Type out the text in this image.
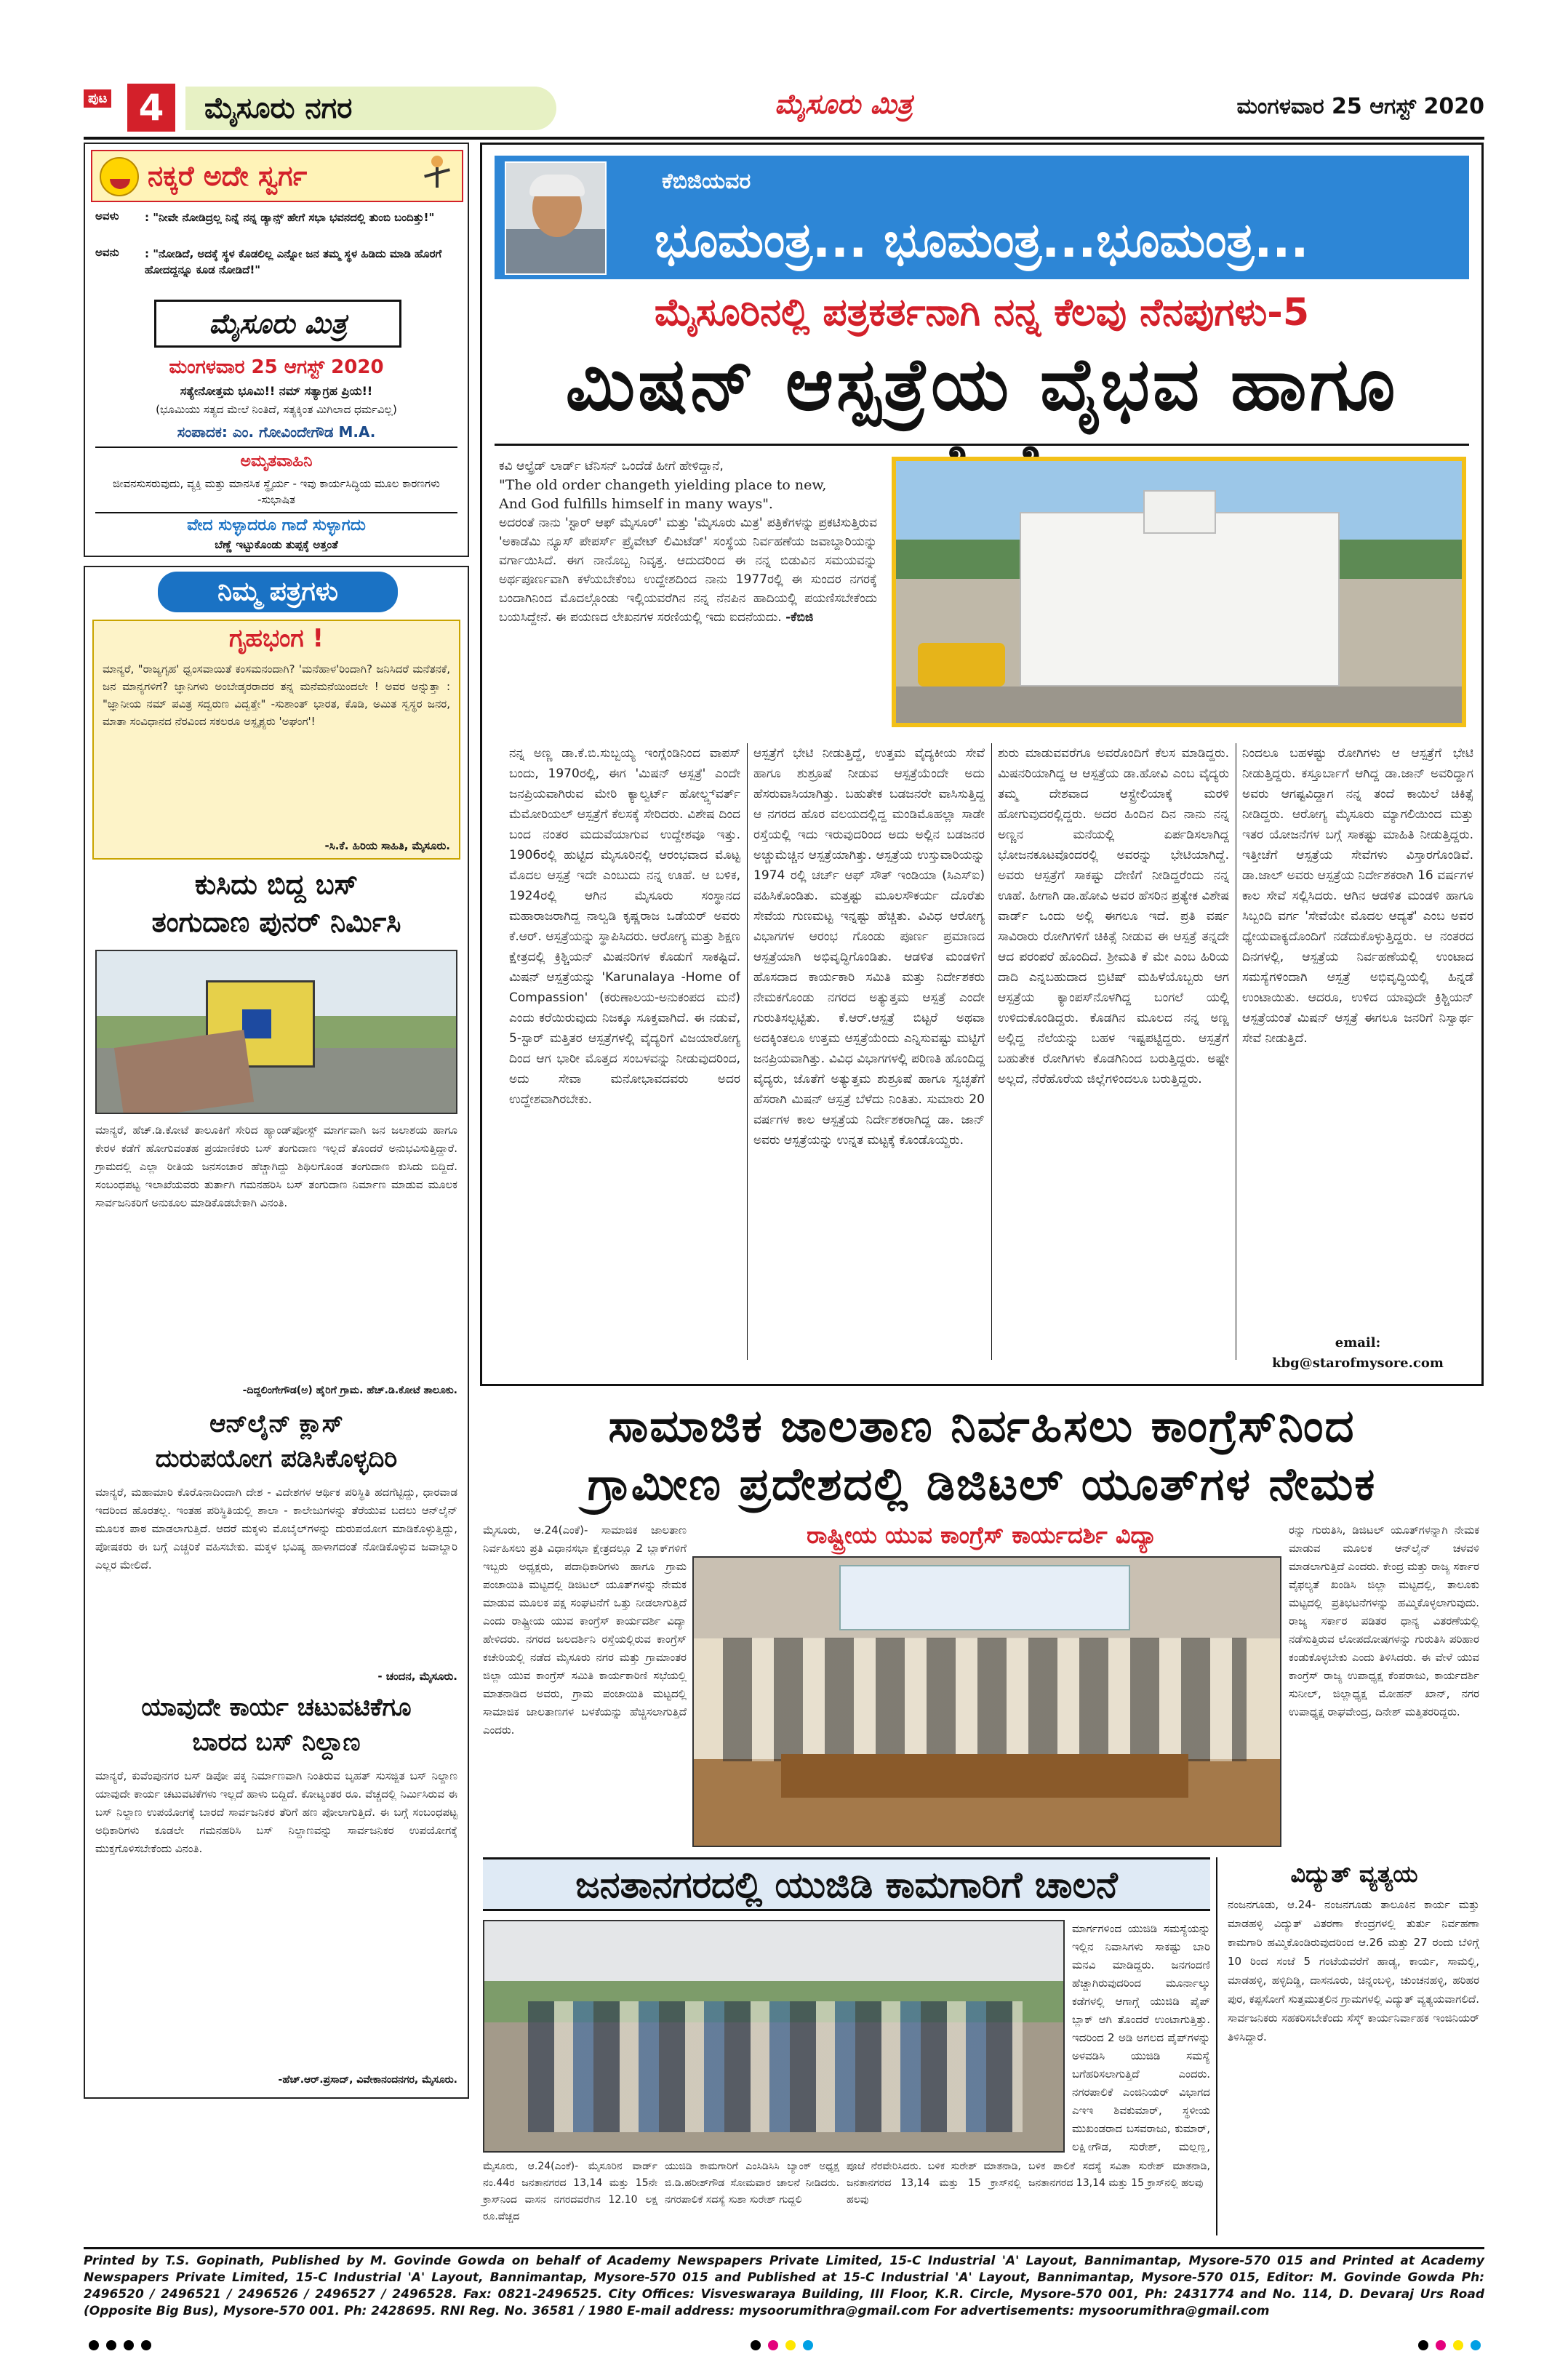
ಪುಟ 4	ಮೈಸೂರು ನಗರ	ಮೈಸೂರು ಮಿತ್ರ	ಮಂಗಳವಾರ 25 ಆಗಸ್ಟ್ 2020
ನಕ್ಕರೆ ಅದೇ ಸ್ವರ್ಗ
ಅವಳು : "ನೀವೇ ನೋಡಿದ್ರಲ್ಲ ನಿನ್ನೆ ನನ್ನ ಡ್ಯಾನ್ಸ್ ಹೇಗೆ ಸಭಾ ಭವನದಲ್ಲಿ ತುಂಬಿ ಬಂದಿತ್ತು!"
ಅವನು : "ನೋಡಿದೆ, ಅದಕ್ಕೆ ಸ್ಥಳ ಕೊಡಲಿಲ್ಲ ಎನ್ನೋ ಜನ ತಮ್ಮ ಸ್ಥಳ ಹಿಡಿದು ಮಾಡಿ ಹೊರಗೆ ಹೋದದ್ದನ್ನೂ ಕೂಡ ನೋಡಿದೆ!"
ಮೈಸೂರು ಮಿತ್ರ
ಮಂಗಳವಾರ 25 ಆಗಸ್ಟ್ 2020
ಸತ್ಯೇನೋತ್ತಮ ಭೂಮಿ!! ನಮ್ ಸತ್ಯಾಗ್ರಹ ಪ್ರಿಯ!!
(ಭೂಮಿಯು ಸತ್ಯದ ಮೇಲೆ ನಿಂತಿದೆ, ಸತ್ಯಕ್ಕಿಂತ ಮಿಗಿಲಾದ ಧರ್ಮವಿಲ್ಲ)
ಸಂಪಾದಕ: ಎಂ. ಗೋವಿಂದೇಗೌಡ M.A.
ಅಮೃತವಾಹಿನಿ
ಜೀವನಸುಸರುವುದು, ವ್ಯಕ್ತಿ ಮತ್ತು ಮಾನಸಿಕ ಸ್ಥೈರ್ಯ - ಇವು ಕಾರ್ಯಸಿದ್ಧಿಯ ಮೂಲ ಕಾರಣಗಳು -ಸುಭಾಷಿತ
ವೇದ ಸುಳ್ಳಾದರೂ ಗಾದೆ ಸುಳ್ಳಾಗದು
ಬೆಣ್ಣೆ ಇಟ್ಟುಕೊಂಡು ತುಪ್ಪಕ್ಕೆ ಅತ್ತಂತೆ
ನಿಮ್ಮ ಪತ್ರಗಳು
ಗೃಹಭಂಗ !
ಮಾನ್ಯರೆ, "ರಾಜ್ಯಗೃಹ' ಧ್ವಂಸವಾಯಿತೆ ಕಂಸಮನಂದಾಗಿ? 'ಮನೆಹಾಳ'ರಿಂದಾಗಿ? ಜನಿಸಿದರೆ ಮನೆತನಕೆ, ಜನ ಮಾನ್ಯಗಳಿಗೆ? ಜ್ಞಾನಿಗಳು ಅಂಬೇಡ್ಕರರಾದರ ತನ್ನ ಮನೆಮನೆಯಿಂದಲೇ ! ಅವರ ಅನ್ನುತ್ತಾ : "ಜ್ಞಾನೀಯ ನಮ್ ಪವಿತ್ರ ಸದ್ವರುಣ ವಿದ್ವತ್ತೇ" -ಸುಶಾಂತ್ ಭಾರತ, ಕೊಡಿ, ಅಮಿತ ಸ್ವಸ್ಥರ ಜನರ, ಮಾತಾ ಸಂವಿಧಾನದ ನೆರವಿಂದ ಸಕಲರೂ ಅಸ್ಪೃಶ್ಯರು 'ಅಘಂಗ'!
-ಸಿ.ಕೆ. ಹಿರಿಯ ಸಾಹಿತಿ, ಮೈಸೂರು.
ಕುಸಿದು ಬಿದ್ದ ಬಸ್
ತಂಗುದಾಣ ಪುನರ್ ನಿರ್ಮಿಸಿ
ಮಾನ್ಯರೆ, ಹೆಚ್.ಡಿ.ಕೋಟೆ ತಾಲೂಕಿಗೆ ಸೇರಿದ ಹ್ಯಾಂಡ್‌ಪೋಸ್ಟ್ ಮಾರ್ಗವಾಗಿ ಜನ ಜಲಾಶಯ ಹಾಗೂ ಕೇರಳ ಕಡೆಗೆ ಹೋಗುವಂತಹ ಪ್ರಯಾಣಿಕರು ಬಸ್ ತಂಗುದಾಣ ಇಲ್ಲದೆ ತೊಂದರೆ ಅನುಭವಿಸುತ್ತಿದ್ದಾರೆ. ಗ್ರಾಮದಲ್ಲಿ ಎಲ್ಲಾ ರೀತಿಯ ಜನಸಂಚಾರ ಹೆಚ್ಚಾಗಿದ್ದು ಶಿಥಿಲಗೊಂಡ ತಂಗುದಾಣ ಕುಸಿದು ಬಿದ್ದಿದೆ. ಸಂಬಂಧಪಟ್ಟ ಇಲಾಖೆಯವರು ತುರ್ತಾಗಿ ಗಮನಹರಿಸಿ ಬಸ್ ತಂಗುದಾಣ ನಿರ್ಮಾಣ ಮಾಡುವ ಮೂಲಕ ಸಾರ್ವಜನಿಕರಿಗೆ ಅನುಕೂಲ ಮಾಡಿಕೊಡಬೇಕಾಗಿ ವಿನಂತಿ.
-ದಿದ್ದಲಿಂಗೇಗೌಡ(ಅ) ಹೈರಿಗೆ ಗ್ರಾಮ. ಹೆಚ್.ಡಿ.ಕೋಟೆ ತಾಲೂಕು.
ಆನ್‌ಲೈನ್ ಕ್ಲಾಸ್
ದುರುಪಯೋಗ ಪಡಿಸಿಕೊಳ್ಳದಿರಿ
ಮಾನ್ಯರೆ, ಮಹಾಮಾರಿ ಕೊರೊನಾದಿಂದಾಗಿ ದೇಶ - ವಿದೇಶಗಳ ಆರ್ಥಿಕ ಪರಿಸ್ಥಿತಿ ಹದಗೆಟ್ಟಿದ್ದು, ಧಾರವಾಡ ಇದರಿಂದ ಹೊರತಲ್ಲ. ಇಂತಹ ಪರಿಸ್ಥಿತಿಯಲ್ಲಿ ಶಾಲಾ - ಕಾಲೇಜುಗಳನ್ನು ತೆರೆಯುವ ಬದಲು ಆನ್‌ಲೈನ್ ಮೂಲಕ ಪಾಠ ಮಾಡಲಾಗುತ್ತಿದೆ. ಆದರೆ ಮಕ್ಕಳು ಮೊಬೈಲ್‌ಗಳನ್ನು ದುರುಪಯೋಗ ಮಾಡಿಕೊಳ್ಳುತ್ತಿದ್ದು, ಪೋಷಕರು ಈ ಬಗ್ಗೆ ಎಚ್ಚರಿಕೆ ವಹಿಸಬೇಕು. ಮಕ್ಕಳ ಭವಿಷ್ಯ ಹಾಳಾಗದಂತೆ ನೋಡಿಕೊಳ್ಳುವ ಜವಾಬ್ದಾರಿ ಎಲ್ಲರ ಮೇಲಿದೆ.
- ಚಂದನ, ಮೈಸೂರು.
ಯಾವುದೇ ಕಾರ್ಯ ಚಟುವಟಿಕೆಗೂ
ಬಾರದ ಬಸ್ ನಿಲ್ದಾಣ
ಮಾನ್ಯರೆ, ಕುವೆಂಪುನಗರ ಬಸ್ ಡಿಪೋ ಪಕ್ಕ ನಿರ್ಮಾಣವಾಗಿ ನಿಂತಿರುವ ಬೃಹತ್ ಸುಸಜ್ಜಿತ ಬಸ್ ನಿಲ್ದಾಣ ಯಾವುದೇ ಕಾರ್ಯ ಚಟುವಟಿಕೆಗಳು ಇಲ್ಲದೆ ಹಾಳು ಬಿದ್ದಿದೆ. ಕೋಟ್ಯಂತರ ರೂ. ವೆಚ್ಚದಲ್ಲಿ ನಿರ್ಮಿಸಿರುವ ಈ ಬಸ್ ನಿಲ್ದಾಣ ಉಪಯೋಗಕ್ಕೆ ಬಾರದೆ ಸಾರ್ವಜನಿಕರ ತೆರಿಗೆ ಹಣ ಪೋಲಾಗುತ್ತಿದೆ. ಈ ಬಗ್ಗೆ ಸಂಬಂಧಪಟ್ಟ ಅಧಿಕಾರಿಗಳು ಕೂಡಲೇ ಗಮನಹರಿಸಿ ಬಸ್ ನಿಲ್ದಾಣವನ್ನು ಸಾರ್ವಜನಿಕರ ಉಪಯೋಗಕ್ಕೆ ಮುಕ್ತಗೊಳಿಸಬೇಕೆಂದು ವಿನಂತಿ.
-ಹೆಚ್.ಆರ್.ಪ್ರಸಾದ್, ವಿವೇಕಾನಂದನಗರ, ಮೈಸೂರು.
ಕೆಬಿಜಿಯವರ
ಭೂಮಂತ್ರ... ಭೂಮಂತ್ರ...ಭೂಮಂತ್ರ...
ಮೈಸೂರಿನಲ್ಲಿ ಪತ್ರಕರ್ತನಾಗಿ ನನ್ನ ಕೆಲವು ನೆನಪುಗಳು-5
ಮಿಷನ್ ಆಸ್ಪತ್ರೆಯ ವೈಭವ ಹಾಗೂ
ಕವಿ ಆಲ್ಫ್ರೆಡ್ ಲಾರ್ಡ್ ಟೆನಿಸನ್ ಒಂದೆಡೆ ಹೀಗೆ ಹೇಳಿದ್ದಾನೆ,
"The old order changeth yielding place to new,
And God fulfills himself in many ways".
ಅದರಂತೆ ನಾನು 'ಸ್ಟಾರ್ ಆಫ್ ಮೈಸೂರ್' ಮತ್ತು 'ಮೈಸೂರು ಮಿತ್ರ' ಪತ್ರಿಕೆಗಳನ್ನು ಪ್ರಕಟಿಸುತ್ತಿರುವ 'ಅಕಾಡೆಮಿ ನ್ಯೂಸ್ ಪೇಪರ್ಸ್ ಪ್ರೈವೇಟ್ ಲಿಮಿಟೆಡ್' ಸಂಸ್ಥೆಯ ನಿರ್ವಹಣೆಯ ಜವಾಬ್ದಾರಿಯನ್ನು ವರ್ಗಾಯಿಸಿದೆ. ಈಗ ನಾನೊಬ್ಬ ನಿವೃತ್ತ. ಆದುದರಿಂದ ಈ ನನ್ನ ಬಿಡುವಿನ ಸಮಯವನ್ನು ಅರ್ಥಪೂರ್ಣವಾಗಿ ಕಳೆಯಬೇಕೆಂಬ ಉದ್ದೇಶದಿಂದ ನಾನು 1977ರಲ್ಲಿ ಈ ಸುಂದರ ನಗರಕ್ಕೆ ಬಂದಾಗಿನಿಂದ ಮೊದಲ್ಗೊಂಡು ಇಲ್ಲಿಯವರೆಗಿನ ನನ್ನ ನೆನಪಿನ ಹಾದಿಯಲ್ಲಿ ಪಯಣಿಸಬೇಕೆಂದು ಬಯಸಿದ್ದೇನೆ. ಈ ಪಯಣದ ಲೇಖನಗಳ ಸರಣಿಯಲ್ಲಿ ಇದು ಐದನೆಯದು. -ಕೆಬಿಜಿ
ನನ್ನ ಅಣ್ಣ ಡಾ.ಕೆ.ಬಿ.ಸುಬ್ಬಯ್ಯ ಇಂಗ್ಲೆಂಡಿನಿಂದ ವಾಪಸ್ ಬಂದು, 1970ರಲ್ಲಿ, ಈಗ 'ಮಿಷನ್ ಆಸ್ಪತ್ರೆ' ಎಂದೇ ಜನಪ್ರಿಯವಾಗಿರುವ ಮೇರಿ ಕ್ಯಾಲ್ವರ್ಟ್ ಹೋಲ್ಡ್ಸ್‌ವರ್ತ್ ಮೆಮೋರಿಯಲ್ ಆಸ್ಪತ್ರೆಗೆ ಕೆಲಸಕ್ಕೆ ಸೇರಿದರು. ವಿಶೇಷ ದಿಂದ ಬಂದ ನಂತರ ಮದುವೆಯಾಗುವ ಉದ್ದೇಶವೂ ಇತ್ತು. 1906ರಲ್ಲಿ ಹುಟ್ಟಿದ ಮೈಸೂರಿನಲ್ಲಿ ಆರಂಭವಾದ ಮೊಟ್ಟ ಮೊದಲ ಆಸ್ಪತ್ರೆ ಇದೇ ಎಂಬುದು ನನ್ನ ಊಹೆ. ಆ ಬಳಿಕ, 1924ರಲ್ಲಿ ಆಗಿನ ಮೈಸೂರು ಸಂಸ್ಥಾನದ ಮಹಾರಾಜರಾಗಿದ್ದ ನಾಲ್ವಡಿ ಕೃಷ್ಣರಾಜ ಒಡೆಯರ್ ಅವರು ಕೆ.ಆರ್. ಆಸ್ಪತ್ರೆಯನ್ನು ಸ್ಥಾಪಿಸಿದರು. ಆರೋಗ್ಯ ಮತ್ತು ಶಿಕ್ಷಣ ಕ್ಷೇತ್ರದಲ್ಲಿ ಕ್ರಿಶ್ಚಿಯನ್ ಮಿಷನರಿಗಳ ಕೊಡುಗೆ ಸಾಕಷ್ಟಿದೆ. ಮಿಷನ್ ಆಸ್ಪತ್ರೆಯನ್ನು 'Karunalaya -Home of Compassion' (ಕರುಣಾಲಯ-ಅನುಕಂಪದ ಮನೆ) ಎಂದು ಕರೆಯಿರುವುದು ನಿಜಕ್ಕೂ ಸೂಕ್ತವಾಗಿದೆ. ಈ ನಡುವೆ, 5-ಸ್ಟಾರ್ ಮತ್ತಿತರ ಆಸ್ಪತ್ರೆಗಳಲ್ಲಿ ವೈದ್ಯರಿಗೆ ವಿಜಯಾರೋಗ್ಯ ದಿಂದ ಆಗ ಭಾರೀ ಮೊತ್ತದ ಸಂಬಳವನ್ನು ನೀಡುವುದರಿಂದ, ಅದು ಸೇವಾ ಮನೋಭಾವದವರು ಅದರ ಉದ್ದೇಶವಾಗಿರಬೇಕು.
ಆಸ್ಪತ್ರೆಗೆ ಭೇಟಿ ನೀಡುತ್ತಿದ್ದೆ, ಉತ್ತಮ ವೈದ್ಯಕೀಯ ಸೇವೆ ಹಾಗೂ ಶುಶ್ರೂಷೆ ನೀಡುವ ಆಸ್ಪತ್ರೆಯೆಂದೇ ಅದು ಹೆಸರುವಾಸಿಯಾಗಿತ್ತು. ಬಹುತೇಕ ಬಡಜನರೇ ವಾಸಿಸುತ್ತಿದ್ದ ಆ ನಗರದ ಹೊರ ವಲಯದಲ್ಲಿದ್ದ ಮಂಡಿಮೊಹಲ್ಲಾ ಸಾಡೇ ರಸ್ತೆಯಲ್ಲಿ ಇದು ಇರುವುದರಿಂದ ಅದು ಅಲ್ಲಿನ ಬಡಜನರ ಅಚ್ಚುಮೆಚ್ಚಿನ ಆಸ್ಪತ್ರೆಯಾಗಿತ್ತು. ಆಸ್ಪತ್ರೆಯ ಉಸ್ತುವಾರಿಯನ್ನು 1974 ರಲ್ಲಿ ಚರ್ಚ್ ಆಫ್ ಸೌತ್ ಇಂಡಿಯಾ (ಸಿಎಸ್‌ಐ) ವಹಿಸಿಕೊಂಡಿತು. ಮತ್ತಷ್ಟು ಮೂಲಸೌಕರ್ಯ ದೊರೆತು ಸೇವೆಯ ಗುಣಮಟ್ಟ ಇನ್ನಷ್ಟು ಹೆಚ್ಚಿತು. ವಿವಿಧ ಆರೋಗ್ಯ ವಿಭಾಗಗಳ ಆರಂಭ ಗೊಂಡು ಪೂರ್ಣ ಪ್ರಮಾಣದ ಆಸ್ಪತ್ರೆಯಾಗಿ ಅಭಿವೃದ್ಧಿಗೊಂಡಿತು. ಆಡಳಿತ ಮಂಡಳಿಗೆ ಹೊಸದಾದ ಕಾರ್ಯಕಾರಿ ಸಮಿತಿ ಮತ್ತು ನಿರ್ದೇಶಕರು ನೇಮಕಗೊಂಡು ನಗರದ ಅತ್ಯುತ್ತಮ ಆಸ್ಪತ್ರೆ ಎಂದೇ ಗುರುತಿಸಲ್ಪಟ್ಟಿತು. ಕೆ.ಆರ್.ಆಸ್ಪತ್ರೆ ಬಿಟ್ಟರೆ ಅಥವಾ ಅದಕ್ಕಿಂತಲೂ ಉತ್ತಮ ಆಸ್ಪತ್ರೆಯೆಂದು ಎನ್ನಿಸುವಷ್ಟು ಮಟ್ಟಿಗೆ ಜನಪ್ರಿಯವಾಗಿತ್ತು. ವಿವಿಧ ವಿಭಾಗಗಳಲ್ಲಿ ಪರಿಣತಿ ಹೊಂದಿದ್ದ ವೈದ್ಯರು, ಜೊತೆಗೆ ಅತ್ಯುತ್ತಮ ಶುಶ್ರೂಷೆ ಹಾಗೂ ಸ್ವಚ್ಛತೆಗೆ ಹೆಸರಾಗಿ ಮಿಷನ್ ಆಸ್ಪತ್ರೆ ಬೆಳೆದು ನಿಂತಿತು. ಸುಮಾರು 20 ವರ್ಷಗಳ ಕಾಲ ಆಸ್ಪತ್ರೆಯ ನಿರ್ದೇಶಕರಾಗಿದ್ದ ಡಾ. ಜಾನ್ ಅವರು ಆಸ್ಪತ್ರೆಯನ್ನು ಉನ್ನತ ಮಟ್ಟಕ್ಕೆ ಕೊಂಡೊಯ್ದರು.
ಶುರು ಮಾಡುವವರೆಗೂ ಅವರೊಂದಿಗೆ ಕೆಲಸ ಮಾಡಿದ್ದರು. ಮಿಷನರಿಯಾಗಿದ್ದ ಆ ಆಸ್ಪತ್ರೆಯ ಡಾ.ಹೋವಿ ಎಂಬ ವೈದ್ಯರು ತಮ್ಮ ದೇಶವಾದ ಆಸ್ಟ್ರೇಲಿಯಾಕ್ಕೆ ಮರಳಿ ಹೋಗುವುದರಲ್ಲಿದ್ದರು. ಅದರ ಹಿಂದಿನ ದಿನ ನಾನು ನನ್ನ ಅಣ್ಣನ ಮನೆಯಲ್ಲಿ ಏರ್ಪಡಿಸಲಾಗಿದ್ದ ಭೋಜನಕೂಟವೊಂದರಲ್ಲಿ ಅವರನ್ನು ಭೇಟಿಯಾಗಿದ್ದೆ. ಅವರು ಆಸ್ಪತ್ರೆಗೆ ಸಾಕಷ್ಟು ದೇಣಿಗೆ ನೀಡಿದ್ದರೆಂದು ನನ್ನ ಊಹೆ. ಹೀಗಾಗಿ ಡಾ.ಹೋವಿ ಅವರ ಹೆಸರಿನ ಪ್ರತ್ಯೇಕ ವಿಶೇಷ ವಾರ್ಡ್ ಒಂದು ಅಲ್ಲಿ ಈಗಲೂ ಇದೆ. ಪ್ರತಿ ವರ್ಷ ಸಾವಿರಾರು ರೋಗಿಗಳಿಗೆ ಚಿಕಿತ್ಸೆ ನೀಡುವ ಈ ಆಸ್ಪತ್ರೆ ತನ್ನದೇ ಆದ ಪರಂಪರೆ ಹೊಂದಿದೆ. ಶ್ರೀಮತಿ ಕೆ ಮೇ ಎಂಬ ಹಿರಿಯ ದಾದಿ ಎನ್ನಬಹುದಾದ ಬ್ರಿಟಿಷ್ ಮಹಿಳೆಯೊಬ್ಬರು ಆಗ ಆಸ್ಪತ್ರೆಯ ಕ್ಯಾಂಪಸ್‌ನೊಳಗಿದ್ದ ಬಂಗಲೆ ಯಲ್ಲಿ ಉಳಿದುಕೊಂಡಿದ್ದರು. ಕೊಡಗಿನ ಮೂಲದ ನನ್ನ ಅಣ್ಣ ಅಲ್ಲಿದ್ದ ನೆಲೆಯನ್ನು ಬಹಳ ಇಷ್ಟಪಟ್ಟಿದ್ದರು. ಆಸ್ಪತ್ರೆಗೆ ಬಹುತೇಕ ರೋಗಿಗಳು ಕೊಡಗಿನಿಂದ ಬರುತ್ತಿದ್ದರು. ಅಷ್ಟೇ ಅಲ್ಲದೆ, ನೆರೆಹೊರೆಯ ಜಿಲ್ಲೆಗಳಿಂದಲೂ ಬರುತ್ತಿದ್ದರು.
ನಿಂದಲೂ ಬಹಳಷ್ಟು ರೋಗಿಗಳು ಆ ಆಸ್ಪತ್ರೆಗೆ ಭೇಟಿ ನೀಡುತ್ತಿದ್ದರು. ಕಸ್ತೂರ್ಬಾಗೆ ಆಗಿದ್ದ ಡಾ.ಜಾನ್ ಅವರಿದ್ದಾಗ ಅವರು ಆಗಷ್ಟವಿದ್ದಾಗ ನನ್ನ ತಂದೆ ಕಾಯಿಲೆ ಚಿಕಿತ್ಸೆ ನೀಡಿದ್ದರು. ಆರೋಗ್ಯ ಮೈಸೂರು ಮ್ಯಾಗಲಿಯಿಂದ ಮತ್ತು ಇತರ ಯೋಜನೆಗಳ ಬಗ್ಗೆ ಸಾಕಷ್ಟು ಮಾಹಿತಿ ನೀಡುತ್ತಿದ್ದರು. ಇತ್ತೀಚೆಗೆ ಆಸ್ಪತ್ರೆಯ ಸೇವೆಗಳು ವಿಸ್ತಾರಗೊಂಡಿವೆ. ಡಾ.ಜಾಲ್ ಅವರು ಆಸ್ಪತ್ರೆಯ ನಿರ್ದೇಶಕರಾಗಿ 16 ವರ್ಷಗಳ ಕಾಲ ಸೇವೆ ಸಲ್ಲಿಸಿದರು. ಆಗಿನ ಆಡಳಿತ ಮಂಡಳಿ ಹಾಗೂ ಸಿಬ್ಬಂದಿ ವರ್ಗ 'ಸೇವೆಯೇ ಮೊದಲ ಆದ್ಯತೆ' ಎಂಬ ಅವರ ಧ್ಯೇಯವಾಕ್ಯದೊಂದಿಗೆ ನಡೆದುಕೊಳ್ಳುತ್ತಿದ್ದರು. ಆ ನಂತರದ ದಿನಗಳಲ್ಲಿ, ಆಸ್ಪತ್ರೆಯ ನಿರ್ವಹಣೆಯಲ್ಲಿ ಉಂಟಾದ ಸಮಸ್ಯೆಗಳಿಂದಾಗಿ ಆಸ್ಪತ್ರೆ ಅಭಿವೃದ್ಧಿಯಲ್ಲಿ ಹಿನ್ನಡೆ ಉಂಟಾಯಿತು. ಆದರೂ, ಉಳಿದ ಯಾವುದೇ ಕ್ರಿಶ್ಚಿಯನ್ ಆಸ್ಪತ್ರೆಯಂತೆ ಮಿಷನ್ ಆಸ್ಪತ್ರೆ ಈಗಲೂ ಜನರಿಗೆ ನಿಸ್ವಾರ್ಥ ಸೇವೆ ನೀಡುತ್ತಿದೆ.
email:
kbg@starofmysore.com
ಸಾಮಾಜಿಕ ಜಾಲತಾಣ ನಿರ್ವಹಿಸಲು ಕಾಂಗ್ರೆಸ್‌ನಿಂದ
ಗ್ರಾಮೀಣ ಪ್ರದೇಶದಲ್ಲಿ ಡಿಜಿಟಲ್ ಯೂತ್‌ಗಳ ನೇಮಕ
ರಾಷ್ಟ್ರೀಯ ಯುವ ಕಾಂಗ್ರೆಸ್ ಕಾರ್ಯದರ್ಶಿ ವಿದ್ಯಾ
ಮೈಸೂರು, ಆ.24(ಎಂಕೆ)- ಸಾಮಾಜಿಕ ಜಾಲತಾಣ ನಿರ್ವಹಿಸಲು ಪ್ರತಿ ವಿಧಾನಸಭಾ ಕ್ಷೇತ್ರದಲ್ಲೂ 2 ಬ್ಲಾಕ್‌ಗಳಿಗೆ ಇಬ್ಬರು ಅಧ್ಯಕ್ಷರು, ಪದಾಧಿಕಾರಿಗಳು ಹಾಗೂ ಗ್ರಾಮ ಪಂಚಾಯಿತಿ ಮಟ್ಟದಲ್ಲಿ ಡಿಜಿಟಲ್ ಯೂತ್‌ಗಳನ್ನು ನೇಮಕ ಮಾಡುವ ಮೂಲಕ ಪಕ್ಷ ಸಂಘಟನೆಗೆ ಒತ್ತು ನೀಡಲಾಗುತ್ತಿದೆ ಎಂದು ರಾಷ್ಟ್ರೀಯ ಯುವ ಕಾಂಗ್ರೆಸ್ ಕಾರ್ಯದರ್ಶಿ ವಿದ್ಯಾ ಹೇಳಿದರು. ನಗರದ ಜಲದರ್ಶಿನಿ ರಸ್ತೆಯಲ್ಲಿರುವ ಕಾಂಗ್ರೆಸ್ ಕಚೇರಿಯಲ್ಲಿ ನಡೆದ ಮೈಸೂರು ನಗರ ಮತ್ತು ಗ್ರಾಮಾಂತರ ಜಿಲ್ಲಾ ಯುವ ಕಾಂಗ್ರೆಸ್ ಸಮಿತಿ ಕಾರ್ಯಕಾರಿಣಿ ಸಭೆಯಲ್ಲಿ ಮಾತನಾಡಿದ ಅವರು, ಗ್ರಾಮ ಪಂಚಾಯಿತಿ ಮಟ್ಟದಲ್ಲಿ ಸಾಮಾಜಿಕ ಜಾಲತಾಣಗಳ ಬಳಕೆಯನ್ನು ಹೆಚ್ಚಿಸಲಾಗುತ್ತಿದೆ ಎಂದರು.
ರನ್ನು ಗುರುತಿಸಿ, ಡಿಜಿಟಲ್ ಯೂತ್‌ಗಳನ್ನಾಗಿ ನೇಮಕ ಮಾಡುವ ಮೂಲಕ ಆನ್‌ಲೈನ್ ಚಳವಳಿ ಮಾಡಲಾಗುತ್ತಿದೆ ಎಂದರು. ಕೇಂದ್ರ ಮತ್ತು ರಾಜ್ಯ ಸರ್ಕಾರ ವೈಫಲ್ಯತೆ ಖಂಡಿಸಿ ಜಿಲ್ಲಾ ಮಟ್ಟದಲ್ಲಿ, ತಾಲೂಕು ಮಟ್ಟದಲ್ಲಿ ಪ್ರತಿಭಟನೆಗಳನ್ನು ಹಮ್ಮಿಕೊಳ್ಳಲಾಗುವುದು. ರಾಜ್ಯ ಸರ್ಕಾರ ಪಡಿತರ ಧಾನ್ಯ ವಿತರಣೆಯಲ್ಲಿ ನಡೆಸುತ್ತಿರುವ ಲೋಪದೋಷಗಳನ್ನು ಗುರುತಿಸಿ ಪರಿಹಾರ ಕಂಡುಕೊಳ್ಳಬೇಕು ಎಂದು ತಿಳಿಸಿದರು. ಈ ವೇಳೆ ಯುವ ಕಾಂಗ್ರೆಸ್ ರಾಜ್ಯ ಉಪಾಧ್ಯಕ್ಷ ಕೆಂಪರಾಜು, ಕಾರ್ಯದರ್ಶಿ ಸುನೀಲ್, ಜಿಲ್ಲಾಧ್ಯಕ್ಷ ಮೋಹನ್ ಖಾನ್, ನಗರ ಉಪಾಧ್ಯಕ್ಷ ರಾಘವೇಂದ್ರ, ದಿನೇಶ್ ಮತ್ತಿತರರಿದ್ದರು.
ಜನತಾನಗರದಲ್ಲಿ ಯುಜಿಡಿ ಕಾಮಗಾರಿಗೆ ಚಾಲನೆ
ಮಾರ್ಗಗಳಿಂದ ಯುಜಿಡಿ ಸಮಸ್ಯೆಯನ್ನು ಇಲ್ಲಿನ ನಿವಾಸಿಗಳು ಸಾಕಷ್ಟು ಬಾರಿ ಮನವಿ ಮಾಡಿದ್ದರು. ಜನಗಂದಣಿ ಹೆಚ್ಚಾಗಿರುವುದರಿಂದ ಮೂರ್ನಾಲ್ಕು ಕಡೆಗಳಲ್ಲಿ ಆಗಾಗ್ಗೆ ಯುಜಿಡಿ ಪೈಪ್ ಬ್ಲಾಕ್ ಆಗಿ ತೊಂದರೆ ಉಂಟಾಗುತ್ತಿತ್ತು. ಇದರಿಂದ 2 ಅಡಿ ಅಗಲದ ಪೈಪ್‌ಗಳನ್ನು ಅಳವಡಿಸಿ ಯುಜಿಡಿ ಸಮಸ್ಯೆ ಬಗೆಹರಿಸಲಾಗುತ್ತಿದೆ ಎಂದರು. ನಗರಪಾಲಿಕೆ ಎಂಜಿನಿಯರ್ ವಿಭಾಗದ ಎಇಇ ಶಿವಕುಮಾರ್, ಸ್ಥಳೀಯ ಮುಖಂಡರಾದ ಬಸವರಾಜು, ಕುಮಾರ್, ಲಕ್ಷ್ಮೀಗೌಡ, ಸುರೇಶ್, ಮಲ್ಲಣ್ಣ,
ಮೈಸೂರು, ಆ.24(ಎಂಕೆ)- ಮೈಸೂರಿನ ವಾರ್ಡ್ ನಂ.44ರ ಜನತಾನಗರದ 13,14 ಮತ್ತು 15ನೇ ಕ್ರಾಸ್‌ನಿಂದ ವಾಸನ ನಗರದವರೆಗಿನ 12.10 ಲಕ್ಷ ರೂ.ವೆಚ್ಚದ
ಯುಜಿಡಿ ಕಾಮಗಾರಿಗೆ ಎಂಸಿಡಿಸಿಸಿ ಬ್ಯಾಂಕ್ ಅಧ್ಯಕ್ಷ ಜಿ.ಡಿ.ಹರೀಶ್‌ಗೌಡ ಸೋಮವಾರ ಚಾಲನೆ ನೀಡಿದರು. ನಗರಪಾಲಿಕೆ ಸದಸ್ಯೆ ಸುಶಾ ಸುರೇಶ್ ಗುದ್ದಲಿ
ಪೂಜೆ ನೆರವೇರಿಸಿದರು. ಬಳಿಕ ಸುರೇಶ್ ಮಾತನಾಡಿ, ಜನತಾನಗರದ 13,14 ಮತ್ತು 15 ಕ್ರಾಸ್‌ನಲ್ಲಿ ಹಲವು
ಬಳಿಕ ಪಾಲಿಕೆ ಸದಸ್ಯೆ ಸವಿತಾ ಸುರೇಶ್ ಮಾತನಾಡಿ, ಜನತಾನಗರದ 13,14 ಮತ್ತು 15 ಕ್ರಾಸ್‌ನಲ್ಲಿ ಹಲವು
ವಿದ್ಯುತ್ ವ್ಯತ್ಯಯ
ನಂಜನಗೂಡು, ಆ.24- ನಂಜನಗೂಡು ತಾಲೂಕಿನ ಕಾರ್ಯ ಮತ್ತು ಮಾಡಹಳ್ಳಿ ವಿದ್ಯುತ್ ವಿತರಣಾ ಕೇಂದ್ರಗಳಲ್ಲಿ ತುರ್ತು ನಿರ್ವಹಣಾ ಕಾಮಗಾರಿ ಹಮ್ಮಿಕೊಂಡಿರುವುದರಿಂದ ಆ.26 ಮತ್ತು 27 ರಂದು ಬೆಳಿಗ್ಗೆ 10 ರಿಂದ ಸಂಜೆ 5 ಗಂಟೆಯವರೆಗೆ ಹಾಡ್ಯ, ಕಾರ್ಯ, ಸಾಮಲ್ಲಿ, ಮಾಡಹಳ್ಳಿ, ಹಳ್ಳಿದಿಡ್ಡಿ, ದಾಸನೂರು, ಚಿನ್ನಂಬಳ್ಳಿ, ಚುಂಚನಹಳ್ಳಿ, ಹರಿಹರ ಪುರ, ಕಪ್ಪಸೋಗೆ ಸುತ್ತಮುತ್ತಲಿನ ಗ್ರಾಮಗಳಲ್ಲಿ ವಿದ್ಯುತ್ ವ್ಯತ್ಯಯವಾಗಲಿದೆ. ಸಾರ್ವಜನಿಕರು ಸಹಕರಿಸಬೇಕೆಂದು ಸೆಸ್ಕ್ ಕಾರ್ಯನಿರ್ವಾಹಕ ಇಂಜಿನಿಯರ್ ತಿಳಿಸಿದ್ದಾರೆ.
Printed by T.S. Gopinath, Published by M. Govinde Gowda on behalf of Academy Newspapers Private Limited, 15-C Industrial 'A' Layout, Bannimantap, Mysore-570 015 and Printed at Academy Newspapers Private Limited, 15-C Industrial 'A' Layout, Bannimantap, Mysore-570 015 and Published at 15-C Industrial 'A' Layout, Bannimantap, Mysore-570 015, Editor: M. Govinde Gowda Ph: 2496520 / 2496521 / 2496526 / 2496527 / 2496528. Fax: 0821-2496525. City Offices: Visveswaraya Building, III Floor, K.R. Circle, Mysore-570 001, Ph: 2431774 and No. 114, D. Devaraj Urs Road (Opposite Big Bus), Mysore-570 001. Ph: 2428695. RNI Reg. No. 36581 / 1980 E-mail address: mysoorumithra@gmail.com For advertisements: mysoorumithra@gmail.com
